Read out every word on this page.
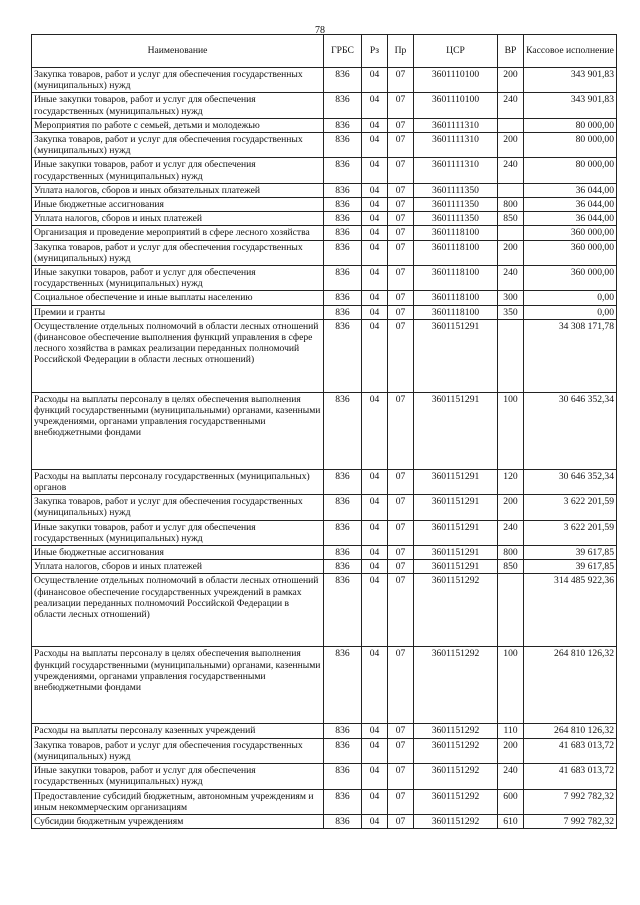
78
Наименование	ГРБС	Рз	Пр	ЦСР	ВР	Кассовое исполнение
Закупка товаров, работ и услуг для обеспечения государственных (муниципальных) нужд	836	04	07	3601110100	200	343 901,83
Иные закупки товаров, работ и услуг для обеспечения государственных (муниципальных) нужд	836	04	07	3601110100	240	343 901,83
Мероприятия по работе с семьей, детьми и молодежью	836	04	07	3601111310		80 000,00
Закупка товаров, работ и услуг для обеспечения государственных (муниципальных) нужд	836	04	07	3601111310	200	80 000,00
Иные закупки товаров, работ и услуг для обеспечения государственных (муниципальных) нужд	836	04	07	3601111310	240	80 000,00
Уплата налогов, сборов и иных обязательных платежей	836	04	07	3601111350		36 044,00
Иные бюджетные ассигнования	836	04	07	3601111350	800	36 044,00
Уплата налогов, сборов и иных платежей	836	04	07	3601111350	850	36 044,00
Организация и проведение мероприятий в сфере лесного хозяйства	836	04	07	3601118100		360 000,00
Закупка товаров, работ и услуг для обеспечения государственных (муниципальных) нужд	836	04	07	3601118100	200	360 000,00
Иные закупки товаров, работ и услуг для обеспечения государственных (муниципальных) нужд	836	04	07	3601118100	240	360 000,00
Социальное обеспечение и иные выплаты населению	836	04	07	3601118100	300	0,00
Премии и гранты	836	04	07	3601118100	350	0,00
Осуществление отдельных полномочий в области лесных отношений (финансовое обеспечение выполнения функций управления в сфере лесного хозяйства в рамках реализации переданных полномочий Российской Федерации в области лесных отношений)	836	04	07	3601151291		34 308 171,78
Расходы на выплаты персоналу в целях обеспечения выполнения функций государственными (муниципальными) органами, казенными учреждениями, органами управления государственными внебюджетными фондами	836	04	07	3601151291	100	30 646 352,34
Расходы на выплаты персоналу государственных (муниципальных) органов	836	04	07	3601151291	120	30 646 352,34
Закупка товаров, работ и услуг для обеспечения государственных (муниципальных) нужд	836	04	07	3601151291	200	3 622 201,59
Иные закупки товаров, работ и услуг для обеспечения государственных (муниципальных) нужд	836	04	07	3601151291	240	3 622 201,59
Иные бюджетные ассигнования	836	04	07	3601151291	800	39 617,85
Уплата налогов, сборов и иных платежей	836	04	07	3601151291	850	39 617,85
Осуществление отдельных полномочий в области лесных отношений (финансовое обеспечение государственных учреждений в рамках реализации переданных полномочий Российской Федерации в области лесных отношений)	836	04	07	3601151292		314 485 922,36
Расходы на выплаты персоналу в целях обеспечения выполнения функций государственными (муниципальными) органами, казенными учреждениями, органами управления государственными внебюджетными фондами	836	04	07	3601151292	100	264 810 126,32
Расходы на выплаты персоналу казенных учреждений	836	04	07	3601151292	110	264 810 126,32
Закупка товаров, работ и услуг для обеспечения государственных (муниципальных) нужд	836	04	07	3601151292	200	41 683 013,72
Иные закупки товаров, работ и услуг для обеспечения государственных (муниципальных) нужд	836	04	07	3601151292	240	41 683 013,72
Предоставление субсидий бюджетным, автономным учреждениям и иным некоммерческим организациям	836	04	07	3601151292	600	7 992 782,32
Субсидии бюджетным учреждениям	836	04	07	3601151292	610	7 992 782,32
